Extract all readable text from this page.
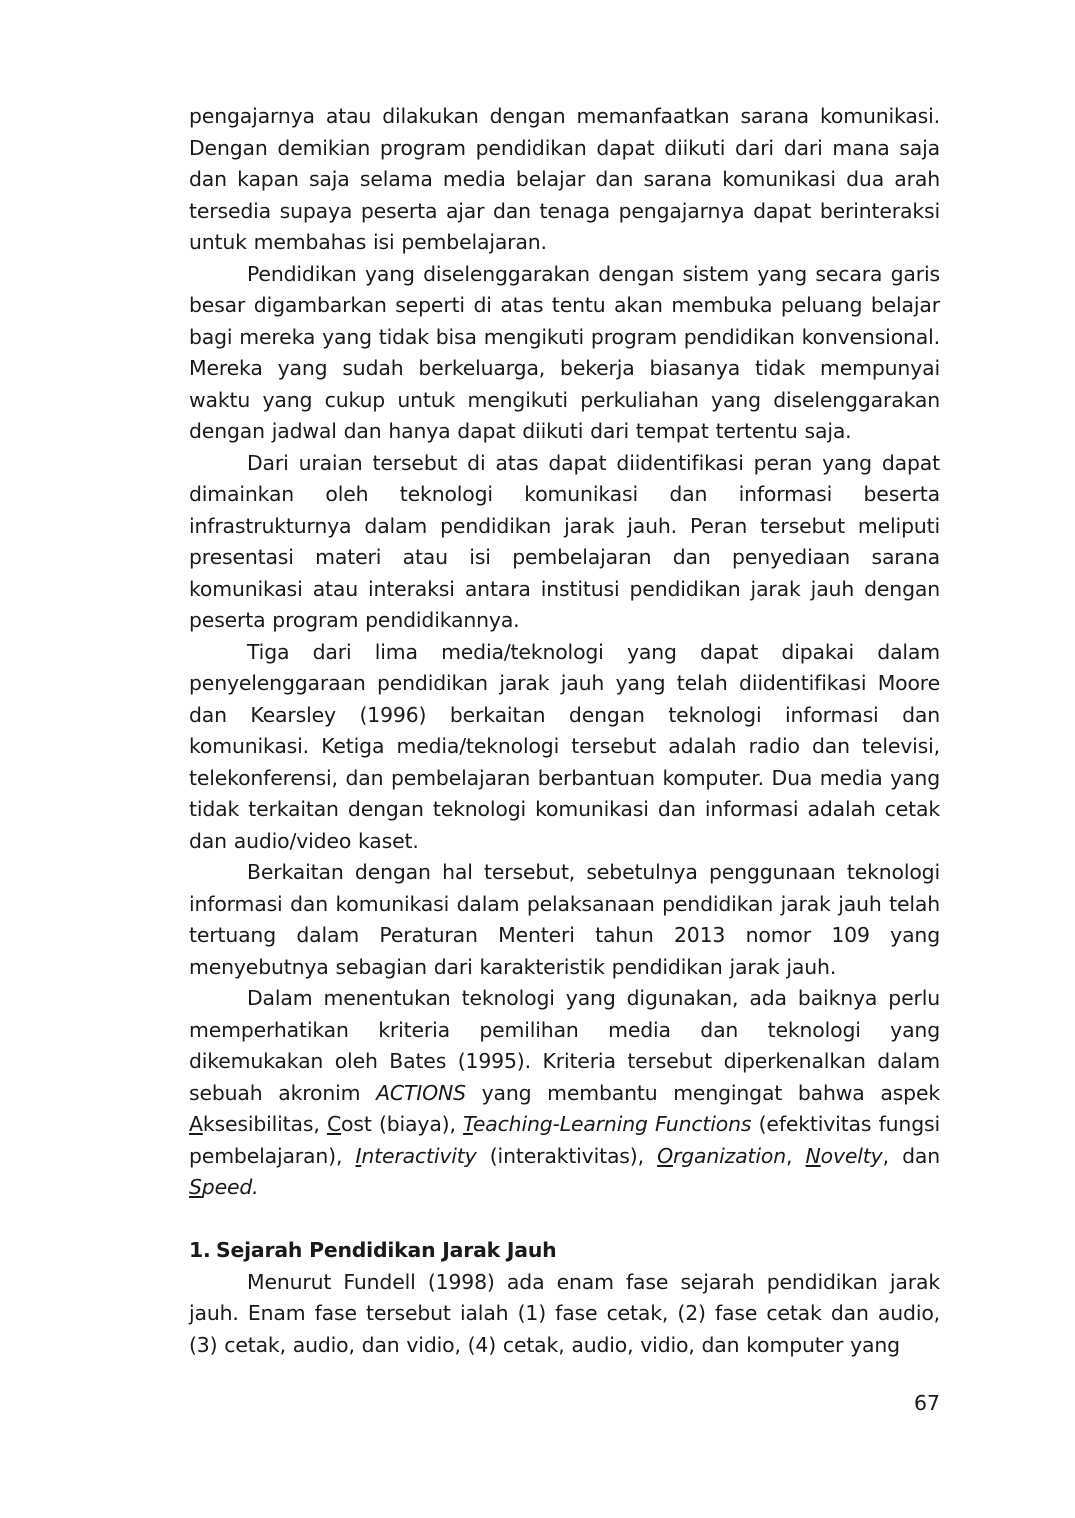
pengajarnya atau dilakukan dengan memanfaatkan sarana komunikasi. Dengan demikian program pendidikan dapat diikuti dari dari mana saja dan kapan saja selama media belajar dan sarana komunikasi dua arah tersedia supaya peserta ajar dan tenaga pengajarnya dapat berinteraksi untuk membahas isi pembelajaran.

Pendidikan yang diselenggarakan dengan sistem yang secara garis besar digambarkan seperti di atas tentu akan membuka peluang belajar bagi mereka yang tidak bisa mengikuti program pendidikan konvensional. Mereka yang sudah berkeluarga, bekerja biasanya tidak mempunyai waktu yang cukup untuk mengikuti perkuliahan yang diselenggarakan dengan jadwal dan hanya dapat diikuti dari tempat tertentu saja.

Dari uraian tersebut di atas dapat diidentifikasi peran yang dapat dimainkan oleh teknologi komunikasi dan informasi beserta infrastrukturnya dalam pendidikan jarak jauh. Peran tersebut meliputi presentasi materi atau isi pembelajaran dan penyediaan sarana komunikasi atau interaksi antara institusi pendidikan jarak jauh dengan peserta program pendidikannya.

Tiga dari lima media/teknologi yang dapat dipakai dalam penyelenggaraan pendidikan jarak jauh yang telah diidentifikasi Moore dan Kearsley (1996) berkaitan dengan teknologi informasi dan komunikasi. Ketiga media/teknologi tersebut adalah radio dan televisi, telekonferensi, dan pembelajaran berbantuan komputer. Dua media yang tidak terkaitan dengan teknologi komunikasi dan informasi adalah cetak dan audio/video kaset.

Berkaitan dengan hal tersebut, sebetulnya penggunaan teknologi informasi dan komunikasi dalam pelaksanaan pendidikan jarak jauh telah tertuang dalam Peraturan Menteri tahun 2013 nomor 109 yang menyebutnya sebagian dari karakteristik pendidikan jarak jauh.

Dalam menentukan teknologi yang digunakan, ada baiknya perlu memperhatikan kriteria pemilihan media dan teknologi yang dikemukakan oleh Bates (1995). Kriteria tersebut diperkenalkan dalam sebuah akronim ACTIONS yang membantu mengingat bahwa aspek Aksesibilitas, Cost (biaya), Teaching-Learning Functions (efektivitas fungsi pembelajaran), Interactivity (interaktivitas), Organization, Novelty, dan Speed.

1. Sejarah Pendidikan Jarak Jauh

Menurut Fundell (1998) ada enam fase sejarah pendidikan jarak jauh. Enam fase tersebut ialah (1) fase cetak, (2) fase cetak dan audio, (3) cetak, audio, dan vidio, (4) cetak, audio, vidio, dan komputer yang

67
